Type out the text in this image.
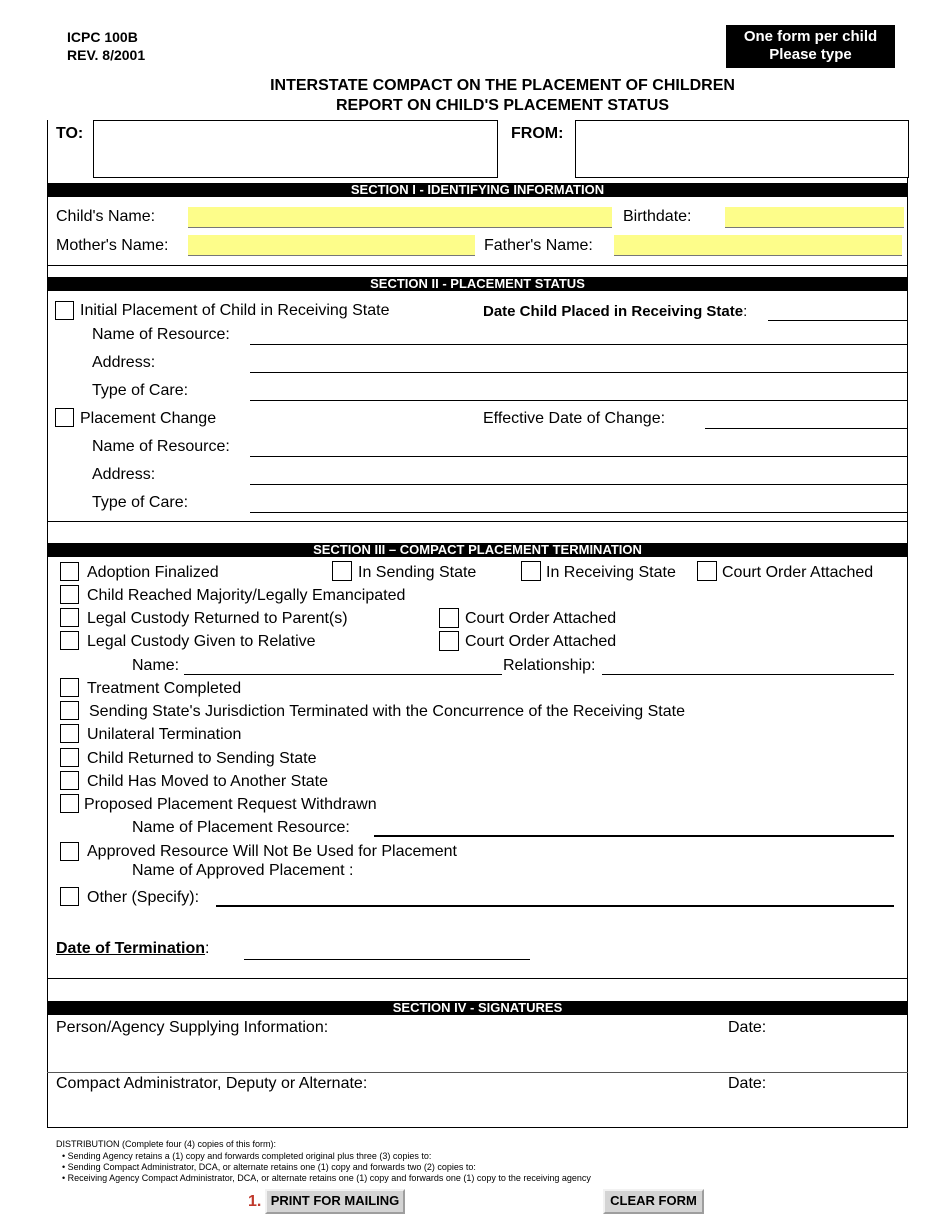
ICPC 100B
REV. 8/2001
One form per child
Please type
INTERSTATE COMPACT ON THE PLACEMENT OF CHILDREN
REPORT ON CHILD'S PLACEMENT STATUS
TO:	FROM:
SECTION I - IDENTIFYING INFORMATION
Child's Name:	Birthdate:
Mother's Name:	Father's Name:
SECTION II - PLACEMENT STATUS
Initial Placement of Child in Receiving State	Date Child Placed in Receiving State:
Name of Resource:
Address:
Type of Care:
Placement Change	Effective Date of Change:
Name of Resource:
Address:
Type of Care:
SECTION III – COMPACT PLACEMENT TERMINATION
Adoption Finalized	In Sending State	In Receiving State	Court Order Attached
Child Reached Majority/Legally Emancipated
Legal Custody Returned to Parent(s)	Court Order Attached
Legal Custody Given to Relative	Court Order Attached
Name:	Relationship:
Treatment Completed
Sending State's Jurisdiction Terminated with the Concurrence of the Receiving State
Unilateral Termination
Child Returned to Sending State
Child Has Moved to Another State
Proposed Placement Request Withdrawn
Name of Placement Resource:
Approved Resource Will Not Be Used for Placement
Name of Approved Placement :
Other (Specify):
Date of Termination:
SECTION IV - SIGNATURES
Person/Agency Supplying Information:	Date:
Compact Administrator, Deputy or Alternate:	Date:
DISTRIBUTION (Complete four (4) copies of this form):
• Sending Agency retains a (1) copy and forwards completed original plus three (3) copies to:
• Sending Compact Administrator, DCA, or alternate retains one (1) copy and forwards two (2) copies to:
• Receiving Agency Compact Administrator, DCA, or alternate retains one (1) copy and forwards one (1) copy to the receiving agency
1. PRINT FOR MAILING	CLEAR FORM
